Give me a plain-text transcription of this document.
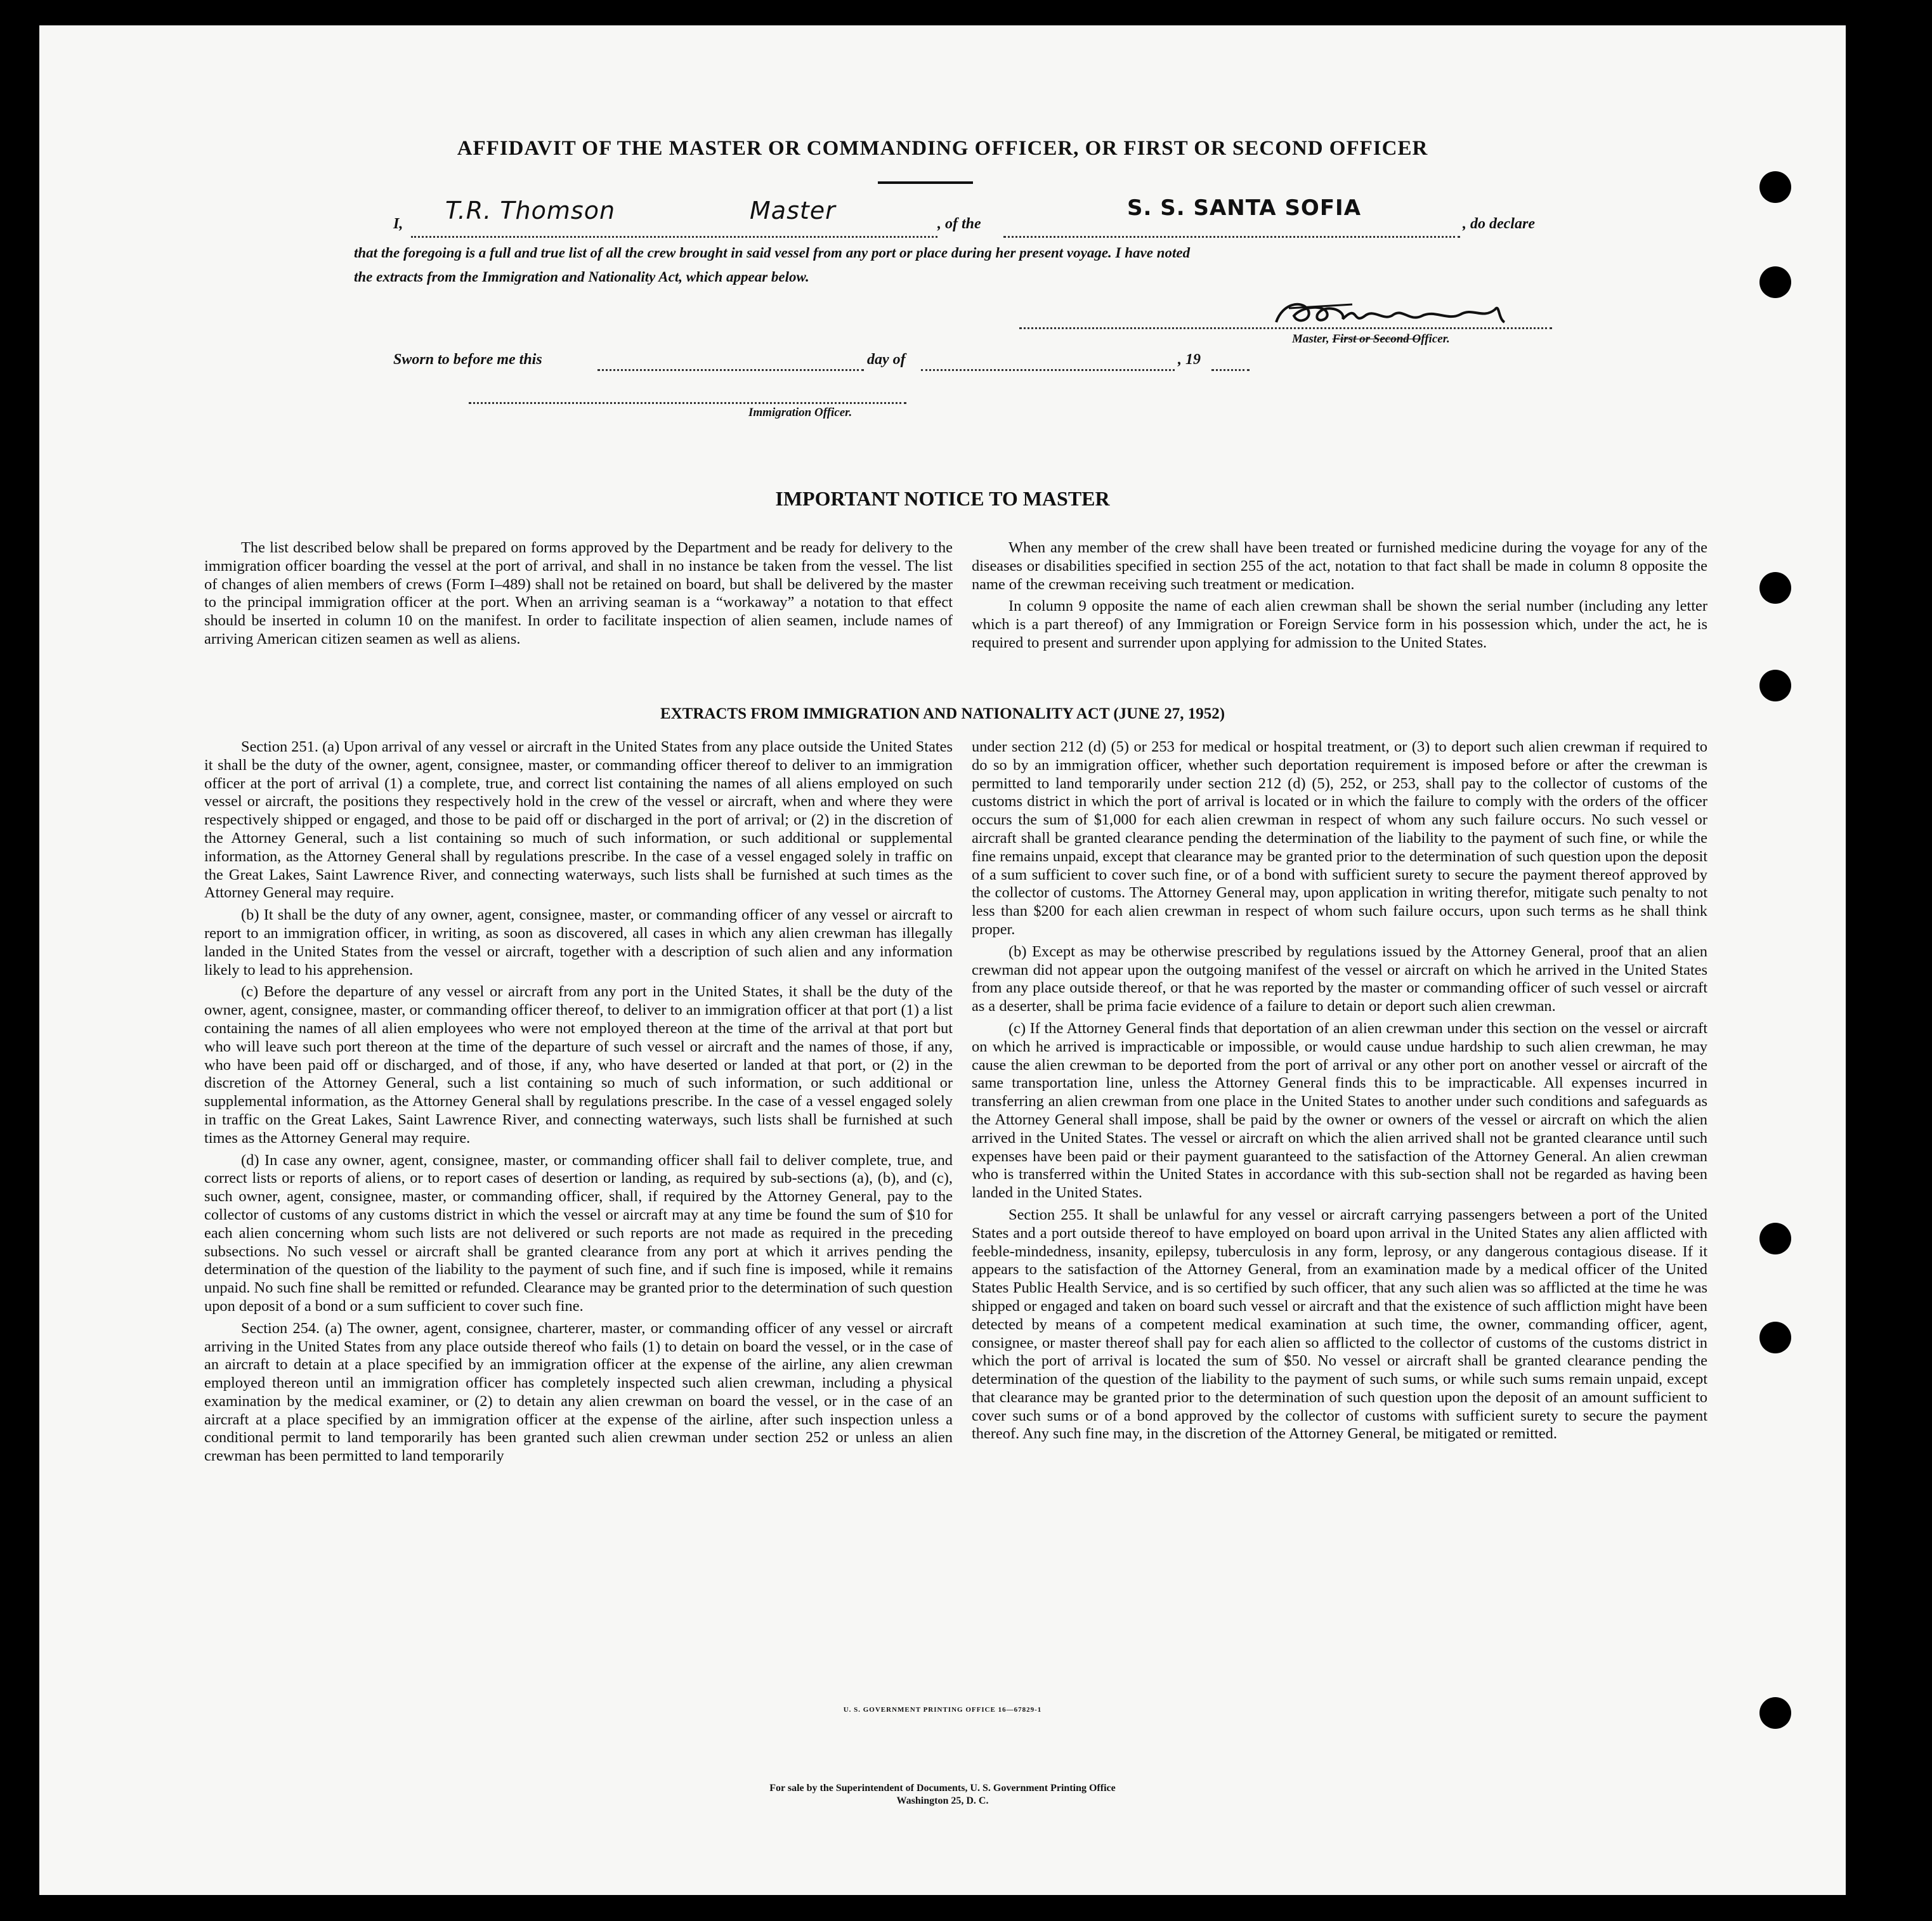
AFFIDAVIT OF THE MASTER OR COMMANDING OFFICER, OR FIRST OR SECOND OFFICER
I, T.R. Thomson	Master	, of the
S. S. SANTA SOFIA
, do declare
that the foregoing is a full and true list of all the crew brought in said vessel from any port or place during her present voyage. I have noted
the extracts from the Immigration and Nationality Act, which appear below.
Master, First or Second Officer.
Sworn to before me this	day of	, 19
Immigration Officer.
IMPORTANT NOTICE TO MASTER

The list described below shall be prepared on forms approved by the Department and be ready for delivery to the immigration officer boarding the vessel at the port of arrival, and shall in no instance be taken from the vessel. The list of changes of alien members of crews (Form I–489) shall not be retained on board, but shall be delivered by the master to the principal immigration officer at the port. When an arriving seaman is a “workaway” a notation to that effect should be inserted in column 10 on the manifest. In order to facilitate inspection of alien seamen, include names of arriving American citizen seamen as well as aliens.

When any member of the crew shall have been treated or furnished medicine during the voyage for any of the diseases or disabilities specified in section 255 of the act, notation to that fact shall be made in column 8 opposite the name of the crewman receiving such treatment or medication.

In column 9 opposite the name of each alien crewman shall be shown the serial number (including any letter which is a part thereof) of any Immigration or Foreign Service form in his possession which, under the act, he is required to present and surrender upon applying for admission to the United States.

EXTRACTS FROM IMMIGRATION AND NATIONALITY ACT (JUNE 27, 1952)

Section 251. (a) Upon arrival of any vessel or aircraft in the United States from any place outside the United States it shall be the duty of the owner, agent, consignee, master, or commanding officer thereof to deliver to an immigration officer at the port of arrival (1) a complete, true, and correct list containing the names of all aliens employed on such vessel or aircraft, the positions they respectively hold in the crew of the vessel or aircraft, when and where they were respectively shipped or engaged, and those to be paid off or discharged in the port of arrival; or (2) in the discretion of the Attorney General, such a list containing so much of such information, or such additional or supplemental information, as the Attorney General shall by regulations prescribe. In the case of a vessel engaged solely in traffic on the Great Lakes, Saint Lawrence River, and connecting waterways, such lists shall be furnished at such times as the Attorney General may require.

(b) It shall be the duty of any owner, agent, consignee, master, or commanding officer of any vessel or aircraft to report to an immigration officer, in writing, as soon as discovered, all cases in which any alien crewman has illegally landed in the United States from the vessel or aircraft, together with a description of such alien and any information likely to lead to his apprehension.

(c) Before the departure of any vessel or aircraft from any port in the United States, it shall be the duty of the owner, agent, consignee, master, or commanding officer thereof, to deliver to an immigration officer at that port (1) a list containing the names of all alien employees who were not employed thereon at the time of the arrival at that port but who will leave such port thereon at the time of the departure of such vessel or aircraft and the names of those, if any, who have been paid off or discharged, and of those, if any, who have deserted or landed at that port, or (2) in the discretion of the Attorney General, such a list containing so much of such information, or such additional or supplemental information, as the Attorney General shall by regulations prescribe. In the case of a vessel engaged solely in traffic on the Great Lakes, Saint Lawrence River, and connecting waterways, such lists shall be furnished at such times as the Attorney General may require.

(d) In case any owner, agent, consignee, master, or commanding officer shall fail to deliver complete, true, and correct lists or reports of aliens, or to report cases of desertion or landing, as required by sub-sections (a), (b), and (c), such owner, agent, consignee, master, or commanding officer, shall, if required by the Attorney General, pay to the collector of customs of any customs district in which the vessel or aircraft may at any time be found the sum of $10 for each alien concerning whom such lists are not delivered or such reports are not made as required in the preceding subsections. No such vessel or aircraft shall be granted clearance from any port at which it arrives pending the determination of the question of the liability to the payment of such fine, and if such fine is imposed, while it remains unpaid. No such fine shall be remitted or refunded. Clearance may be granted prior to the determination of such question upon deposit of a bond or a sum sufficient to cover such fine.

Section 254. (a) The owner, agent, consignee, charterer, master, or commanding officer of any vessel or aircraft arriving in the United States from any place outside thereof who fails (1) to detain on board the vessel, or in the case of an aircraft to detain at a place specified by an immigration officer at the expense of the airline, any alien crewman employed thereon until an immigration officer has completely inspected such alien crewman, including a physical examination by the medical examiner, or (2) to detain any alien crewman on board the vessel, or in the case of an aircraft at a place specified by an immigration officer at the expense of the airline, after such inspection unless a conditional permit to land temporarily has been granted such alien crewman under section 252 or unless an alien crewman has been permitted to land temporarily

under section 212 (d) (5) or 253 for medical or hospital treatment, or (3) to deport such alien crewman if required to do so by an immigration officer, whether such deportation requirement is imposed before or after the crewman is permitted to land temporarily under section 212 (d) (5), 252, or 253, shall pay to the collector of customs of the customs district in which the port of arrival is located or in which the failure to comply with the orders of the officer occurs the sum of $1,000 for each alien crewman in respect of whom any such failure occurs. No such vessel or aircraft shall be granted clearance pending the determination of the liability to the payment of such fine, or while the fine remains unpaid, except that clearance may be granted prior to the determination of such question upon the deposit of a sum sufficient to cover such fine, or of a bond with sufficient surety to secure the payment thereof approved by the collector of customs. The Attorney General may, upon application in writing therefor, mitigate such penalty to not less than $200 for each alien crewman in respect of whom such failure occurs, upon such terms as he shall think proper.

(b) Except as may be otherwise prescribed by regulations issued by the Attorney General, proof that an alien crewman did not appear upon the outgoing manifest of the vessel or aircraft on which he arrived in the United States from any place outside thereof, or that he was reported by the master or commanding officer of such vessel or aircraft as a deserter, shall be prima facie evidence of a failure to detain or deport such alien crewman.

(c) If the Attorney General finds that deportation of an alien crewman under this section on the vessel or aircraft on which he arrived is impracticable or impossible, or would cause undue hardship to such alien crewman, he may cause the alien crewman to be deported from the port of arrival or any other port on another vessel or aircraft of the same transportation line, unless the Attorney General finds this to be impracticable. All expenses incurred in transferring an alien crewman from one place in the United States to another under such conditions and safeguards as the Attorney General shall impose, shall be paid by the owner or owners of the vessel or aircraft on which the alien arrived in the United States. The vessel or aircraft on which the alien arrived shall not be granted clearance until such expenses have been paid or their payment guaranteed to the satisfaction of the Attorney General. An alien crewman who is transferred within the United States in accordance with this sub-section shall not be regarded as having been landed in the United States.

Section 255. It shall be unlawful for any vessel or aircraft carrying passengers between a port of the United States and a port outside thereof to have employed on board upon arrival in the United States any alien afflicted with feeble-mindedness, insanity, epilepsy, tuberculosis in any form, leprosy, or any dangerous contagious disease. If it appears to the satisfaction of the Attorney General, from an examination made by a medical officer of the United States Public Health Service, and is so certified by such officer, that any such alien was so afflicted at the time he was shipped or engaged and taken on board such vessel or aircraft and that the existence of such affliction might have been detected by means of a competent medical examination at such time, the owner, commanding officer, agent, consignee, or master thereof shall pay for each alien so afflicted to the collector of customs of the customs district in which the port of arrival is located the sum of $50. No vessel or aircraft shall be granted clearance pending the determination of the question of the liability to the payment of such sums, or while such sums remain unpaid, except that clearance may be granted prior to the determination of such question upon the deposit of an amount sufficient to cover such sums or of a bond approved by the collector of customs with sufficient surety to secure the payment thereof. Any such fine may, in the discretion of the Attorney General, be mitigated or remitted.

U. S. GOVERNMENT PRINTING OFFICE 16—67829-1
For sale by the Superintendent of Documents, U. S. Government Printing Office
Washington 25, D. C.
